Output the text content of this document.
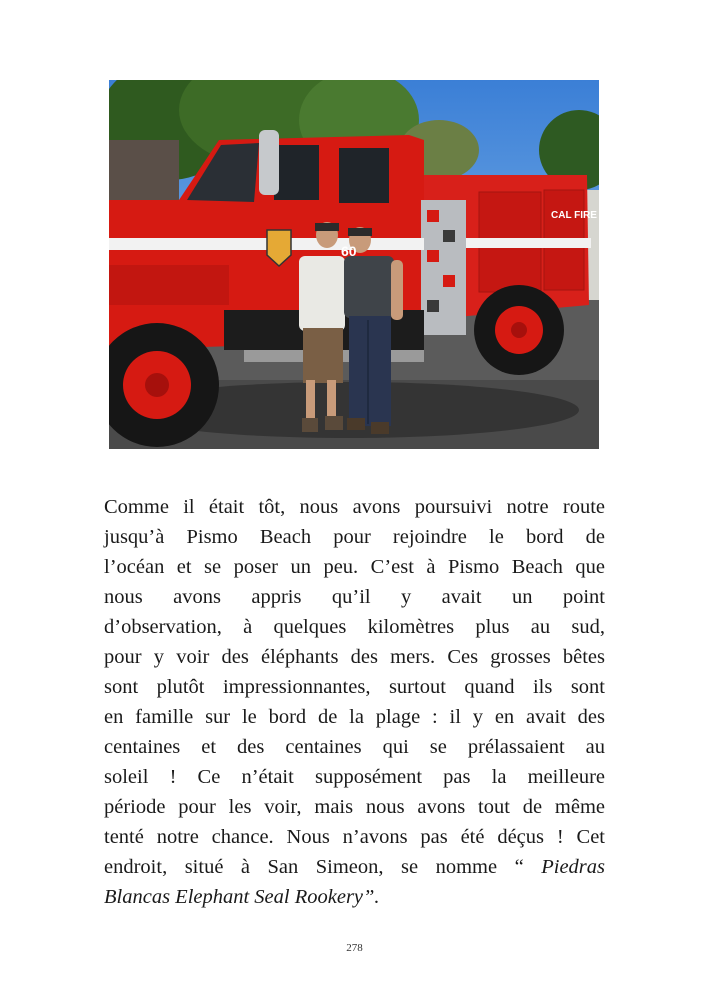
60
CAL FIRE

Comme il était tôt, nous avons poursuivi notre route

jusqu’à Pismo Beach pour rejoindre le bord de

l’océan et se poser un peu. C’est à Pismo Beach que

nous avons appris qu’il y avait un point

d’observation, à quelques kilomètres plus au sud,

pour y voir des éléphants des mers. Ces grosses bêtes

sont plutôt impressionnantes, surtout quand ils sont

en famille sur le bord de la plage : il y en avait des

centaines et des centaines qui se prélassaient au

soleil ! Ce n’était supposément pas la meilleure

période pour les voir, mais nous avons tout de même

tenté notre chance. Nous n’avons pas été déçus ! Cet

endroit, situé à San Simeon, se nomme “ Piedras

Blancas Elephant Seal Rookery”.

278
